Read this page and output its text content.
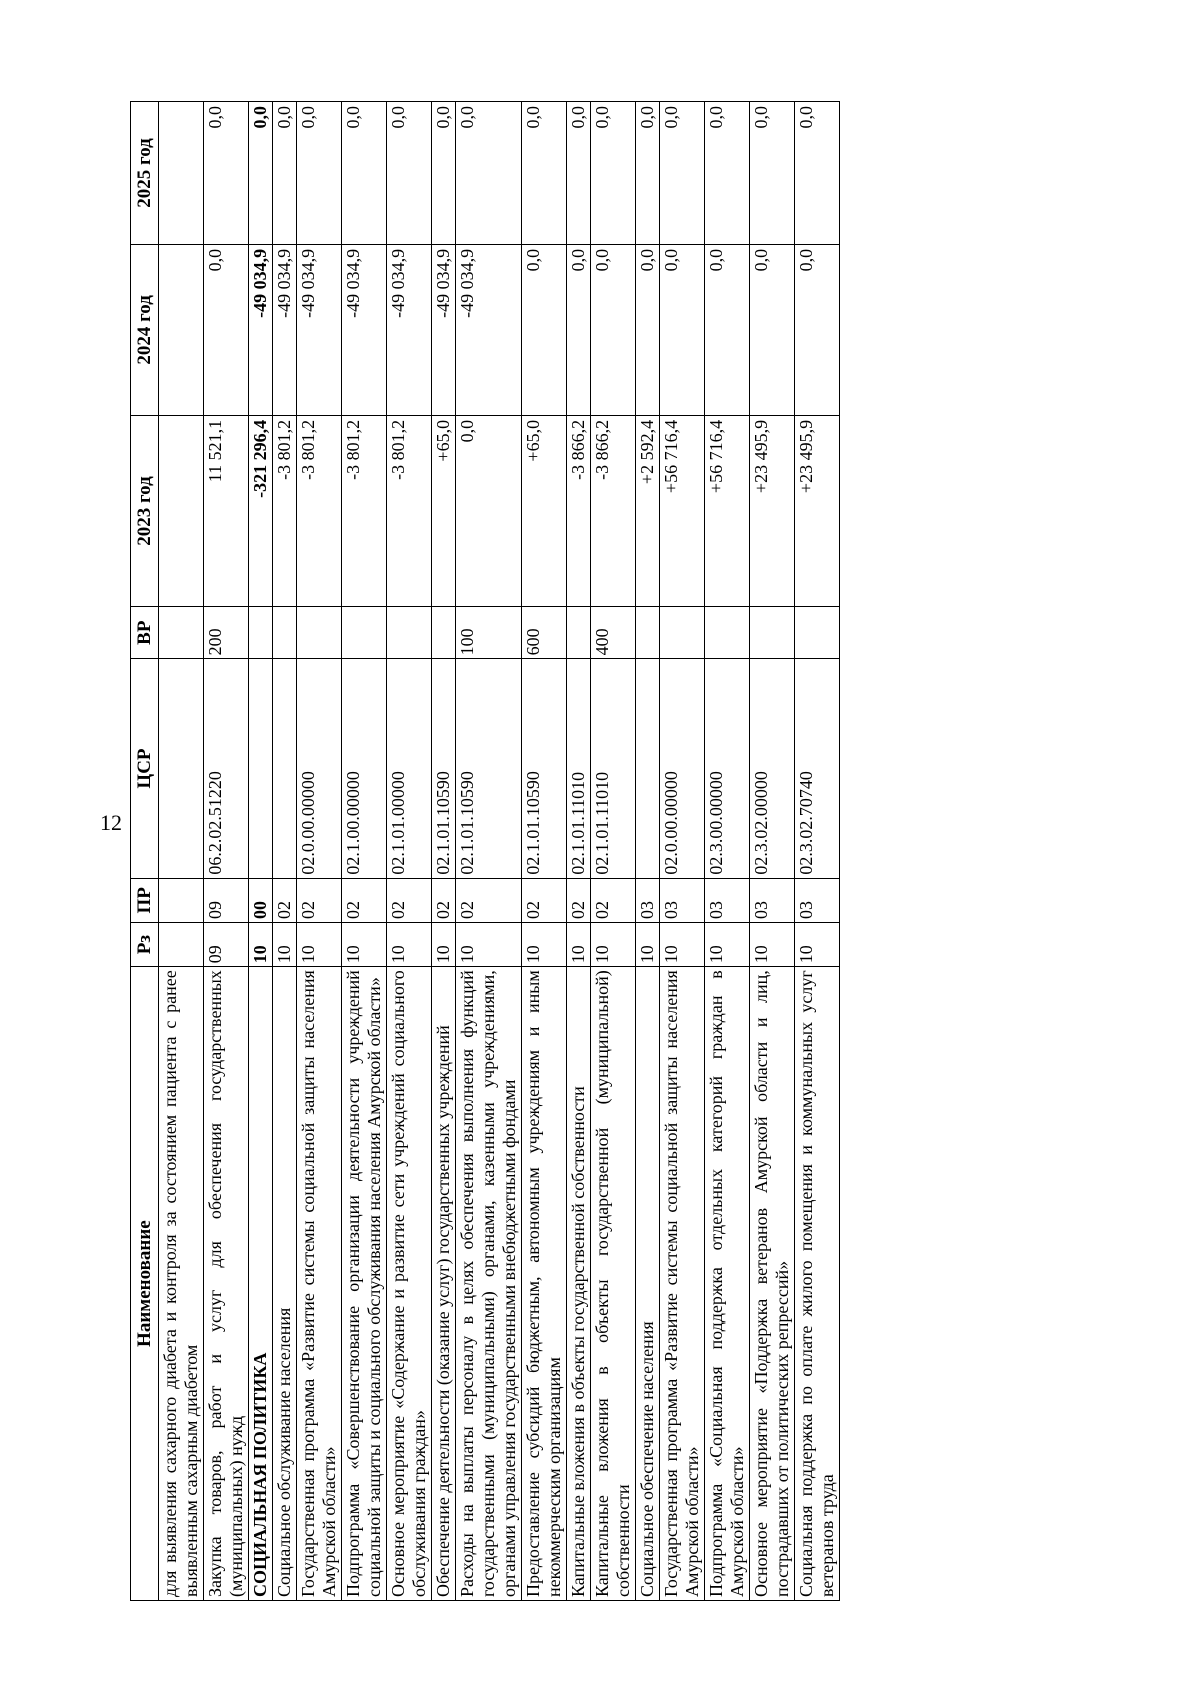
12
Наименование	Рз	ПР	ЦСР	ВР	2023 год	2024 год	2025 год
для выявления сахарного диабета и контроля за состоянием пациента с ранее выявленным сахарным диабетом							
Закупка товаров, работ и услуг для обеспечения государственных (муниципальных) нужд	09	09	06.2.02.51220	200	11 521,1	0,0	0,0
СОЦИАЛЬНАЯ ПОЛИТИКА	10	00			-321 296,4	-49 034,9	0,0
Социальное обслуживание населения	10	02			-3 801,2	-49 034,9	0,0
Государственная программа «Развитие системы социальной защиты населения Амурской области»	10	02	02.0.00.00000		-3 801,2	-49 034,9	0,0
Подпрограмма «Совершенствование организации деятельности учреждений социальной защиты и социального обслуживания населения Амурской области»	10	02	02.1.00.00000		-3 801,2	-49 034,9	0,0
Основное мероприятие «Содержание и развитие сети учреждений социального обслуживания граждан»	10	02	02.1.01.00000		-3 801,2	-49 034,9	0,0
Обеспечение деятельности (оказание услуг) государственных учреждений	10	02	02.1.01.10590		+65,0	-49 034,9	0,0
Расходы на выплаты персоналу в целях обеспечения выполнения функций государственными (муниципальными) органами, казенными учреждениями, органами управления государственными внебюджетными фондами	10	02	02.1.01.10590	100	0,0	-49 034,9	0,0
Предоставление субсидий бюджетным, автономным учреждениям и иным некоммерческим организациям	10	02	02.1.01.10590	600	+65,0	0,0	0,0
Капитальные вложения в объекты государственной собственности	10	02	02.1.01.11010		-3 866,2	0,0	0,0
Капитальные вложения в объекты государственной (муниципальной) собственности	10	02	02.1.01.11010	400	-3 866,2	0,0	0,0
Социальное обеспечение населения	10	03			+2 592,4	0,0	0,0
Государственная программа «Развитие системы социальной защиты населения Амурской области»	10	03	02.0.00.00000		+56 716,4	0,0	0,0
Подпрограмма «Социальная поддержка отдельных категорий граждан в Амурской области»	10	03	02.3.00.00000		+56 716,4	0,0	0,0
Основное мероприятие «Поддержка ветеранов Амурской области и лиц, пострадавших от политических репрессий»	10	03	02.3.02.00000		+23 495,9	0,0	0,0
Социальная поддержка по оплате жилого помещения и коммунальных услуг ветеранов труда	10	03	02.3.02.70740		+23 495,9	0,0	0,0
